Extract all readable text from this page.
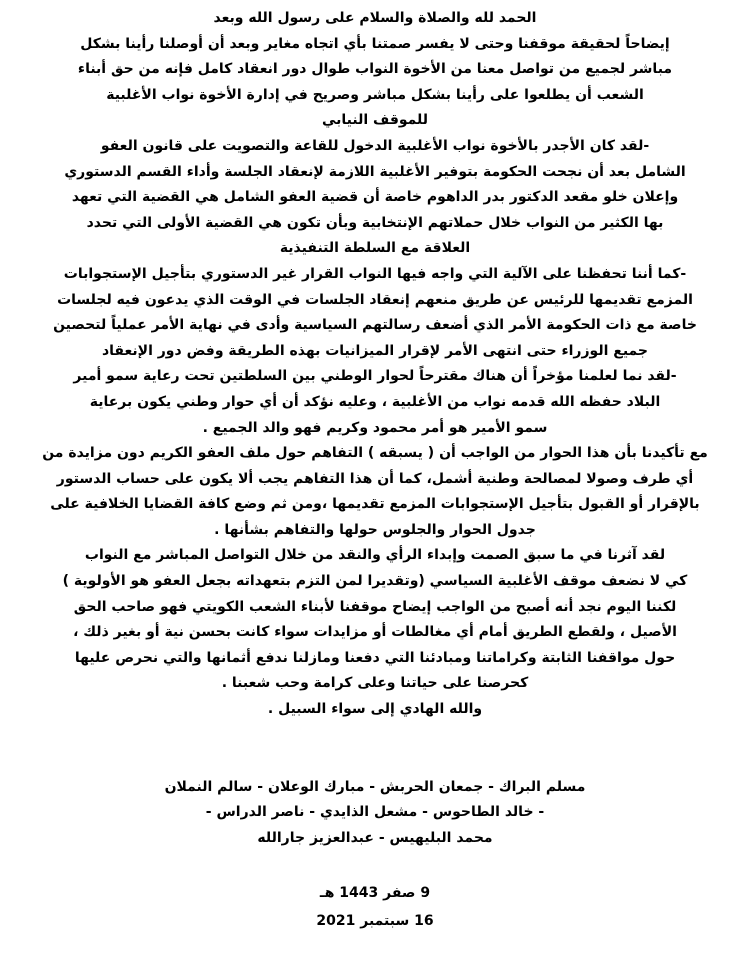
الحمد لله والصلاة والسلام على رسول الله وبعد

إيضاحاً لحقيقة موقفنا وحتى لا يفسر صمتنا بأي اتجاه مغاير وبعد أن أوصلنا رأينا بشكل

مباشر لجميع من تواصل معنا من الأخوة النواب طوال دور انعقاد كامل فإنه من حق أبناء

الشعب أن يطلعوا على رأينا بشكل مباشر وصريح في إدارة الأخوة نواب الأغلبية

للموقف النيابي

-لقد كان الأجدر بالأخوة نواب الأغلبية الدخول للقاعة والتصويت على قانون العفو

الشامل بعد أن نجحت الحكومة بتوفير الأغلبية اللازمة لإنعقاد الجلسة وأداء القسم الدستوري

وإعلان خلو مقعد الدكتور بدر الداهوم خاصة أن قضية العفو الشامل هي القضية التي تعهد

بها الكثير من النواب خلال حملاتهم الإنتخابية وبأن تكون هي القضية الأولى التي تحدد

العلاقة مع السلطة التنفيذية

-كما أننا تحفظنا على الآلية التي واجه فيها النواب القرار غير الدستوري بتأجيل الإستجوابات

المزمع تقديمها للرئيس عن طريق منعهم إنعقاد الجلسات في الوقت الذي يدعون فيه لجلسات

خاصة مع ذات الحكومة الأمر الذي أضعف رسالتهم السياسية وأدى في نهاية الأمر عملياً لتحصين

جميع الوزراء حتى انتهى الأمر لإقرار الميزانيات بهذه الطريقة وفض دور الإنعقاد

-لقد نما لعلمنا مؤخراً أن هناك مقترحاً لحوار الوطني بين السلطتين تحت رعاية سمو أمير

البلاد حفظه الله قدمه نواب من الأغلبية ، وعليه نؤكد أن أي حوار وطني يكون برعاية

سمو الأمير هو أمر محمود وكريم فهو والد الجميع .

مع تأكيدنا بأن هذا الحوار من الواجب أن ( يسبقه ) التفاهم حول ملف العفو الكريم دون مزايدة من

أي طرف وصولا لمصالحة وطنية أشمل، كما أن هذا التفاهم يجب ألا يكون على حساب الدستور

بالإقرار أو القبول بتأجيل الإستجوابات المزمع تقديمها ،ومن ثم وضع كافة القضايا الخلافية على

جدول الحوار والجلوس حولها والتفاهم بشأنها .

لقد آثرنا في ما سبق الصمت وإبداء الرأي والنقد من خلال التواصل المباشر مع النواب

كي لا نضعف موقف الأغلبية السياسي (وتقديرا لمن التزم بتعهداته بجعل العفو هو الأولوية )

لكننا اليوم نجد أنه أصبح من الواجب إيضاح موقفنا لأبناء الشعب الكويتي فهو صاحب الحق

الأصيل ، ولقطع الطريق أمام أي مغالطات أو مزايدات سواء كانت بحسن نية أو بغير ذلك ،

حول مواقفنا الثابتة وكراماتنا ومبادئنا التي دفعنا ومازلنا ندفع أثمانها والتي نحرص عليها

كحرصنا على حياتنا وعلى كرامة وحب شعبنا .

والله الهادي إلى سواء السبيل .

مسلم البراك - جمعان الحربش - مبارك الوعلان - سالم النملان

- خالد الطاحوس - مشعل الذايدي - ناصر الدراس -

محمد البليهيس - عبدالعزيز جارالله

9 صفر 1443 هـ

16 سبتمبر 2021
